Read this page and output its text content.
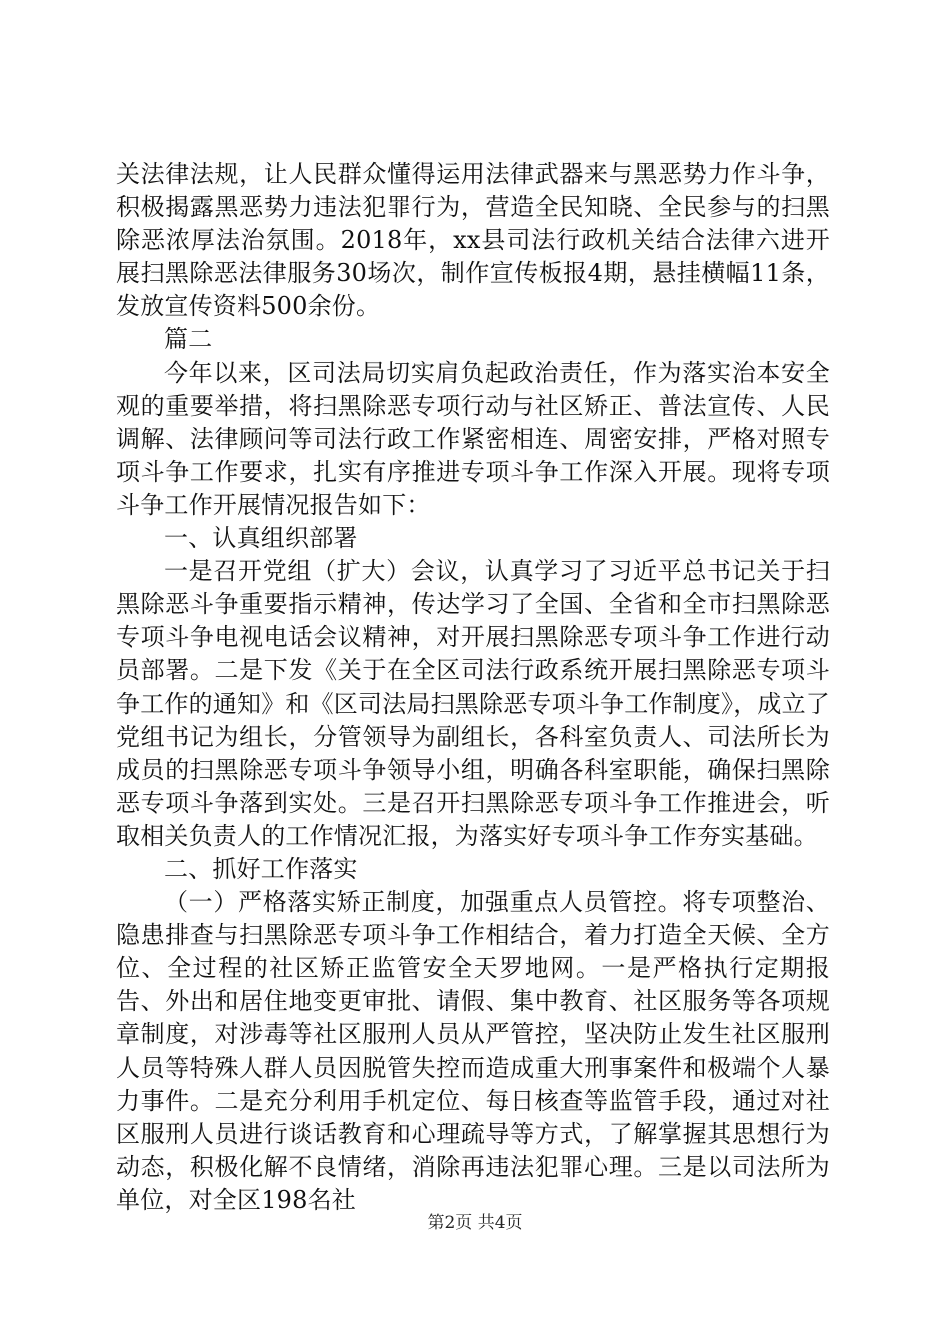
关法律法规，让人民群众懂得运用法律武器来与黑恶势力作斗争，积极揭露黑恶势力违法犯罪行为，营造全民知晓、全民参与的扫黑除恶浓厚法治氛围。2018年，xx县司法行政机关结合法律六进开展扫黑除恶法律服务30场次，制作宣传板报4期，悬挂横幅11条，发放宣传资料500余份。

篇二

今年以来，区司法局切实肩负起政治责任，作为落实治本安全观的重要举措，将扫黑除恶专项行动与社区矫正、普法宣传、人民调解、法律顾问等司法行政工作紧密相连、周密安排，严格对照专项斗争工作要求，扎实有序推进专项斗争工作深入开展。现将专项斗争工作开展情况报告如下：

一、认真组织部署

一是召开党组（扩大）会议，认真学习了习近平总书记关于扫黑除恶斗争重要指示精神，传达学习了全国、全省和全市扫黑除恶专项斗争电视电话会议精神，对开展扫黑除恶专项斗争工作进行动员部署。二是下发《关于在全区司法行政系统开展扫黑除恶专项斗争工作的通知》和《区司法局扫黑除恶专项斗争工作制度》，成立了党组书记为组长，分管领导为副组长，各科室负责人、司法所长为成员的扫黑除恶专项斗争领导小组，明确各科室职能，确保扫黑除恶专项斗争落到实处。三是召开扫黑除恶专项斗争工作推进会，听取相关负责人的工作情况汇报，为落实好专项斗争工作夯实基础。

二、抓好工作落实

（一）严格落实矫正制度，加强重点人员管控。将专项整治、隐患排查与扫黑除恶专项斗争工作相结合，着力打造全天候、全方位、全过程的社区矫正监管安全天罗地网。一是严格执行定期报告、外出和居住地变更审批、请假、集中教育、社区服务等各项规章制度，对涉毒等社区服刑人员从严管控，坚决防止发生社区服刑人员等特殊人群人员因脱管失控而造成重大刑事案件和极端个人暴力事件。二是充分利用手机定位、每日核查等监管手段，通过对社区服刑人员进行谈话教育和心理疏导等方式，了解掌握其思想行为动态，积极化解不良情绪，消除再违法犯罪心理。三是以司法所为单位，对全区198名社

第2页 共4页
